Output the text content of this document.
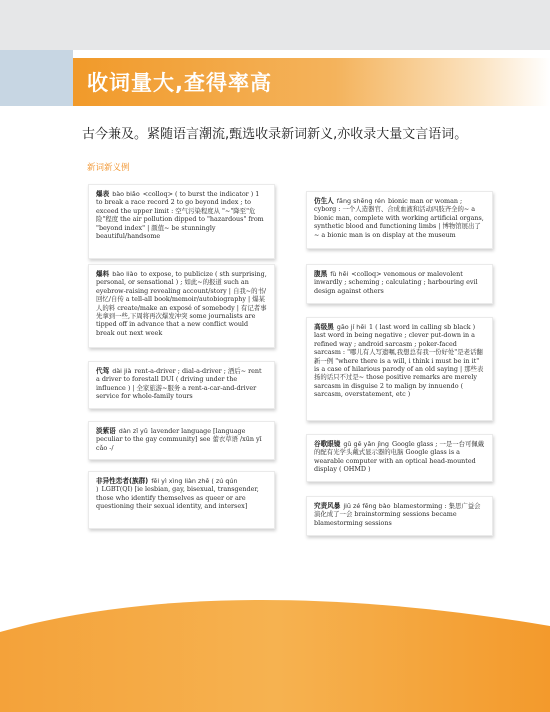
收词量大,查得率高
古今兼及。紧随语言潮流,甄选收录新词新义,亦收录大量文言语词。
新词新义例
爆表 bào biǎo <colloq> ( to burst the indicator ) 1 to break a race record 2 to go beyond index ; to exceed the upper limit : 空气污染程度从 "~"降至"危险"程度 the air pollution dipped to "hazardous" from "beyond index" | 颜值~ be stunningly beautiful/handsome
爆料 bào liào to expose, to publicize ( sth surprising, personal, or sensational ) ; 如此~的报道 such an eyebrow-raising revealing account/story | 自我~的书/回忆/自传 a tell-all book/memoir/autobiography | 爆某人的料 create/make an exposé of somebody | 有记者事先拿到一些,下周将再次爆发冲突 some journalists are tipped off in advance that a new conflict would break out next week
代驾 dài jià rent-a-driver ; dial-a-driver ; 酒后~ rent a driver to forestall DUI ( driving under the influence ) | 全家旅游~服务 a rent-a-car-and-driver service for whole-family tours
淡紫语 dàn zǐ yǔ lavender language [language peculiar to the gay community] see 蕾衣草语 /xūn yī cǎo -/
非异性恋者(族群) fēi yì xìng liàn zhě ( zú qún ) LGBT(QI) [ie lesbian, gay, bisexual, transgender, those who identify themselves as queer or are questioning their sexual identity, and intersex]
仿生人 fǎng shēng rén bionic man or woman ; cyborg : 一个人造器官、合成血液和活动四肢齐全的~ a bionic man, complete with working artificial organs, synthetic blood and functioning limbs | 博物馆展出了~ a bionic man is on display at the museum
腹黑 fù hēi <colloq> venomous or malevolent inwardly ; scheming ; calculating ; harbouring evil design against others
高级黑 gāo jí hēi 1 ( last word in calling sb black ) last word in being negative ; clever put-down in a refined way ; android sarcasm ; poker-faced sarcasm : "哪儿有人写遗嘱,我想总有我一份好处"是老话翻新一例 "where there is a will, i think i must be in it" is a case of hilarious parody of an old saying | 那些表扬的话只不过是~ those positive remarks are merely sarcasm in disguise 2 to malign by innuendo ( sarcasm, overstatement, etc )
谷歌眼镜 gǔ gē yǎn jìng Google glass ; 一是一台可佩戴的配有光学头戴式显示器的电脑 Google glass is a wearable computer with an optical head-mounted display ( OHMD )
究责风暴 jiū zé fēng bào blamestorming : 集思广益会演化成了一会 brainstorming sessions became blamestorming sessions
